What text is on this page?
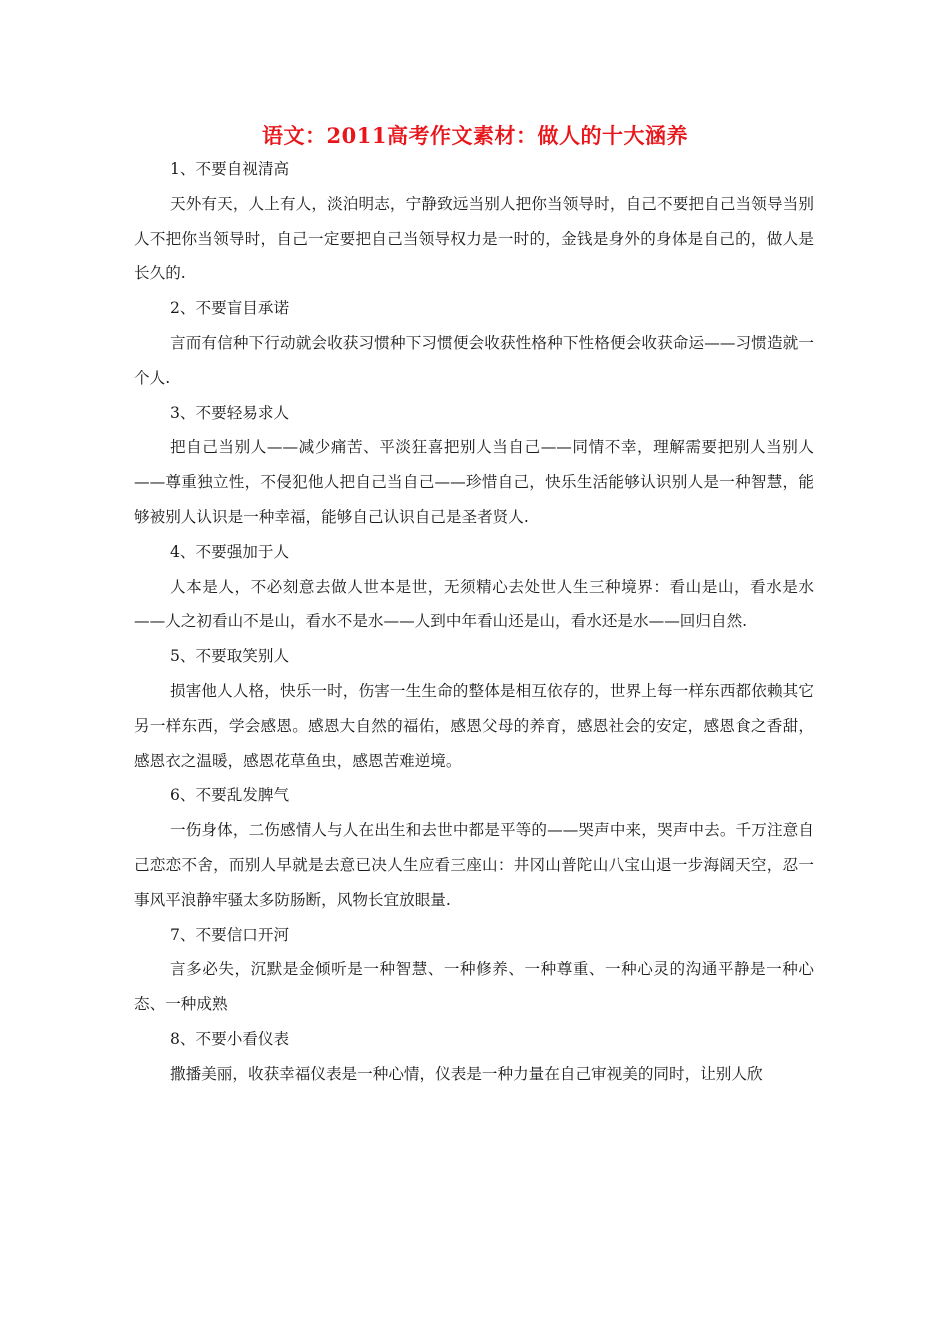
语文：2011高考作文素材：做人的十大涵养

1、不要自视清高

天外有天，人上有人，淡泊明志，宁静致远当别人把你当领导时，自己不要把自己当领导当别人不把你当领导时，自己一定要把自己当领导权力是一时的，金钱是身外的身体是自己的，做人是长久的.

2、不要盲目承诺

言而有信种下行动就会收获习惯种下习惯便会收获性格种下性格便会收获命运——习惯造就一个人.

3、不要轻易求人

把自己当别人——减少痛苦、平淡狂喜把别人当自己——同情不幸，理解需要把别人当别人——尊重独立性，不侵犯他人把自己当自己——珍惜自己，快乐生活能够认识别人是一种智慧，能够被别人认识是一种幸福，能够自己认识自己是圣者贤人.

4、不要强加于人

人本是人，不必刻意去做人世本是世，无须精心去处世人生三种境界：看山是山，看水是水——人之初看山不是山，看水不是水——人到中年看山还是山，看水还是水——回归自然.

5、不要取笑别人

损害他人人格，快乐一时，伤害一生生命的整体是相互依存的，世界上每一样东西都依赖其它另一样东西，学会感恩。感恩大自然的福佑，感恩父母的养育，感恩社会的安定，感恩食之香甜，感恩衣之温暖，感恩花草鱼虫，感恩苦难逆境。

6、不要乱发脾气

一伤身体，二伤感情人与人在出生和去世中都是平等的——哭声中来，哭声中去。千万注意自己恋恋不舍，而别人早就是去意已决人生应看三座山：井冈山普陀山八宝山退一步海阔天空，忍一事风平浪静牢骚太多防肠断，风物长宜放眼量.

7、不要信口开河

言多必失，沉默是金倾听是一种智慧、一种修养、一种尊重、一种心灵的沟通平静是一种心态、一种成熟

8、不要小看仪表

撒播美丽，收获幸福仪表是一种心情，仪表是一种力量在自己审视美的同时，让别人欣
